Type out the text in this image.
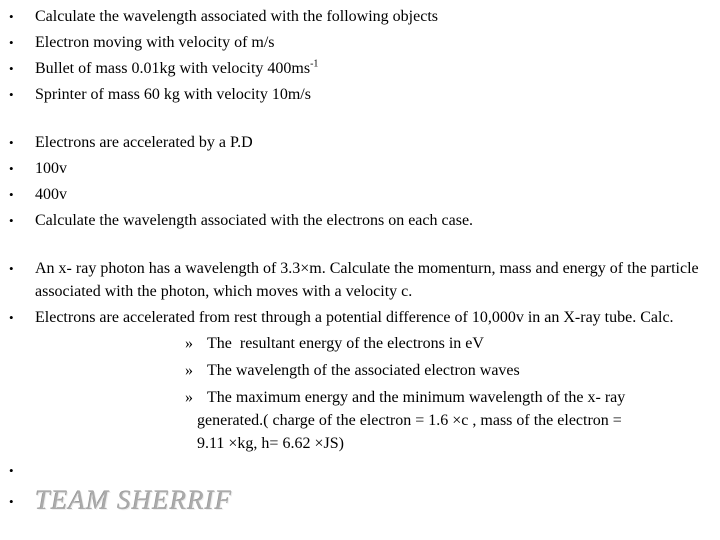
• Calculate the wavelength associated with the following objects

• Electron moving with velocity of m/s

• Bullet of mass 0.01kg with velocity $400ms^{-1}$

• Sprinter of mass 60 kg with velocity 10m/s

• Electrons are accelerated by a P.D

• 100v

• 400v

• Calculate the wavelength associated with the electrons on each case.

• An x- ray photon has a wavelength of 3.3×m. Calculate the momenturn, mass and energy of the particle associated with the photon, which moves with a velocity c.

• Electrons are accelerated from rest through a potential difference of 10,000v in an X-ray tube. Calc.

» The  resultant energy of the electrons in eV

» The wavelength of the associated electron waves

» The maximum energy and the minimum wavelength of the x- ray generated.( charge of the electron = 1.6 ×c , mass of the electron = 9.11 ×kg, h= 6.62 ×JS)

•

• TEAM SHERRIF
